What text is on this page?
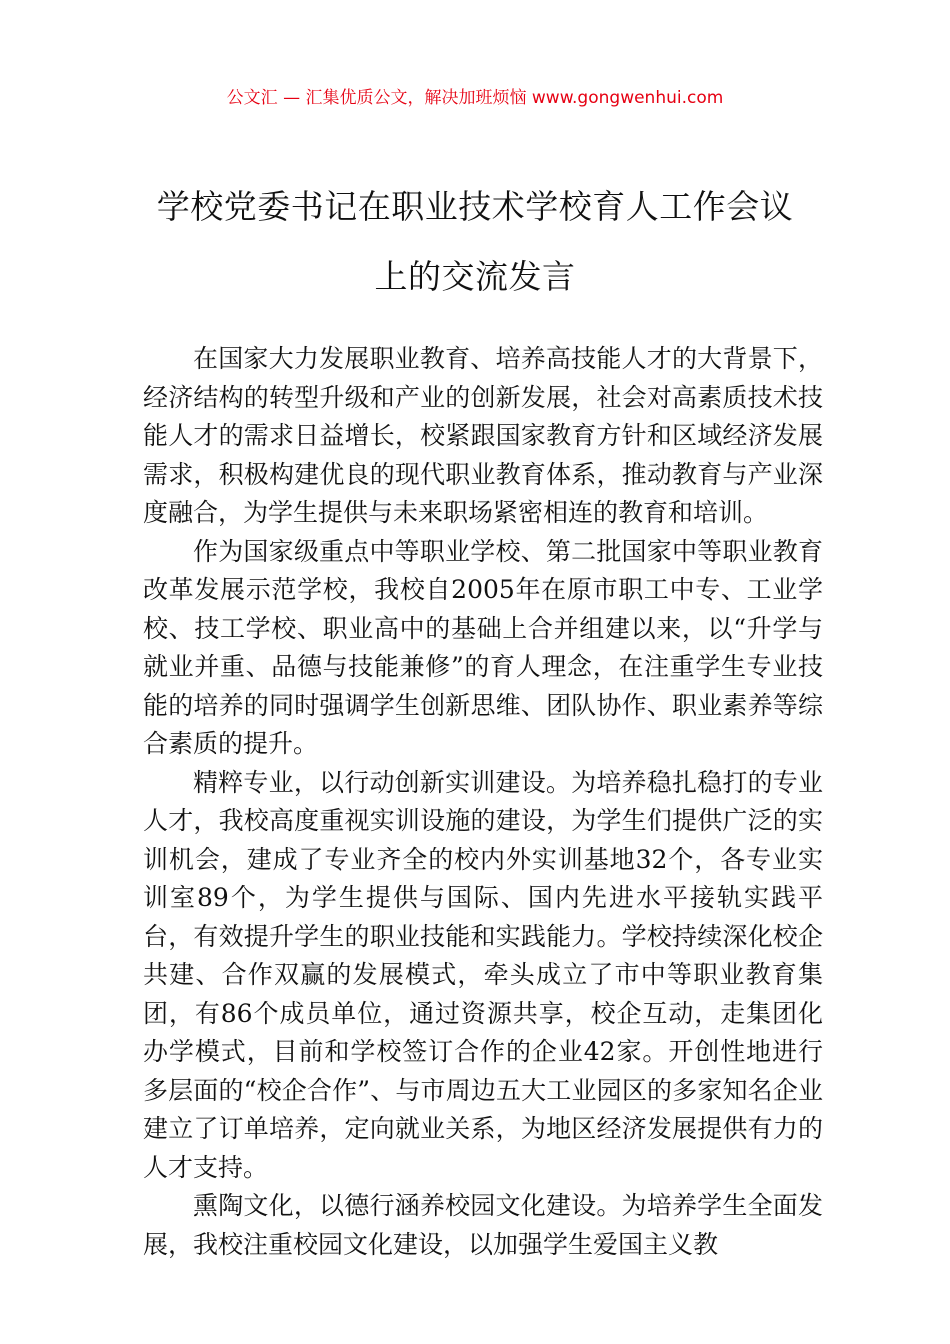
公文汇 — 汇集优质公文，解决加班烦恼 www.gongwenhui.com
学校党委书记在职业技术学校育人工作会议上的交流发言

在国家大力发展职业教育、培养高技能人才的大背景下，经济结构的转型升级和产业的创新发展，社会对高素质技术技能人才的需求日益增长，校紧跟国家教育方针和区域经济发展需求，积极构建优良的现代职业教育体系，推动教育与产业深度融合，为学生提供与未来职场紧密相连的教育和培训。

作为国家级重点中等职业学校、第二批国家中等职业教育改革发展示范学校，我校自2005年在原市职工中专、工业学校、技工学校、职业高中的基础上合并组建以来，以“升学与就业并重、品德与技能兼修”的育人理念，在注重学生专业技能的培养的同时强调学生创新思维、团队协作、职业素养等综合素质的提升。

精粹专业，以行动创新实训建设。为培养稳扎稳打的专业人才，我校高度重视实训设施的建设，为学生们提供广泛的实训机会，建成了专业齐全的校内外实训基地32个，各专业实训室89个，为学生提供与国际、国内先进水平接轨实践平台，有效提升学生的职业技能和实践能力。学校持续深化校企共建、合作双赢的发展模式，牵头成立了市中等职业教育集团，有86个成员单位，通过资源共享，校企互动，走集团化办学模式，目前和学校签订合作的企业42家。开创性地进行多层面的“校企合作”、与市周边五大工业园区的多家知名企业建立了订单培养，定向就业关系，为地区经济发展提供有力的人才支持。

熏陶文化，以德行涵养校园文化建设。为培养学生全面发展，我校注重校园文化建设，以加强学生爱国主义教
